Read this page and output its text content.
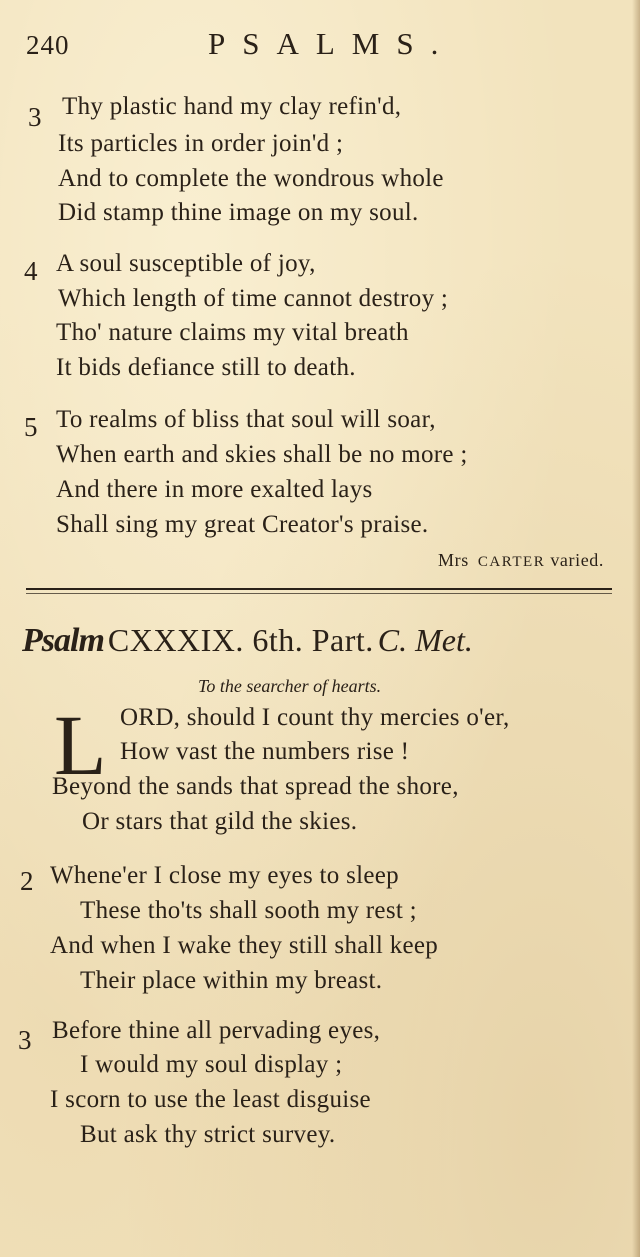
240	PSALMS.
3 Thy plastic hand my clay refin'd,
Its particles in order join'd ;
And to complete the wondrous whole
Did stamp thine image on my soul.
4 A soul susceptible of joy,
Which length of time cannot destroy ;
Tho' nature claims my vital breath
It bids defiance still to death.
5 To realms of bliss that soul will soar,
When earth and skies shall be no more ;
And there in more exalted lays
Shall sing my great Creator's praise.
Mrs CARTER varied.
Psalm CXXXIX. 6th. Part. C. Met.
To the searcher of hearts.
L ORD, should I count thy mercies o'er,
How vast the numbers rise !
Beyond the sands that spread the shore,
Or stars that gild the skies.
2 Whene'er I close my eyes to sleep
These tho'ts shall sooth my rest ;
And when I wake they still shall keep
Their place within my breast.
3 Before thine all pervading eyes,
I would my soul display ;
I scorn to use the least disguise
But ask thy strict survey.
